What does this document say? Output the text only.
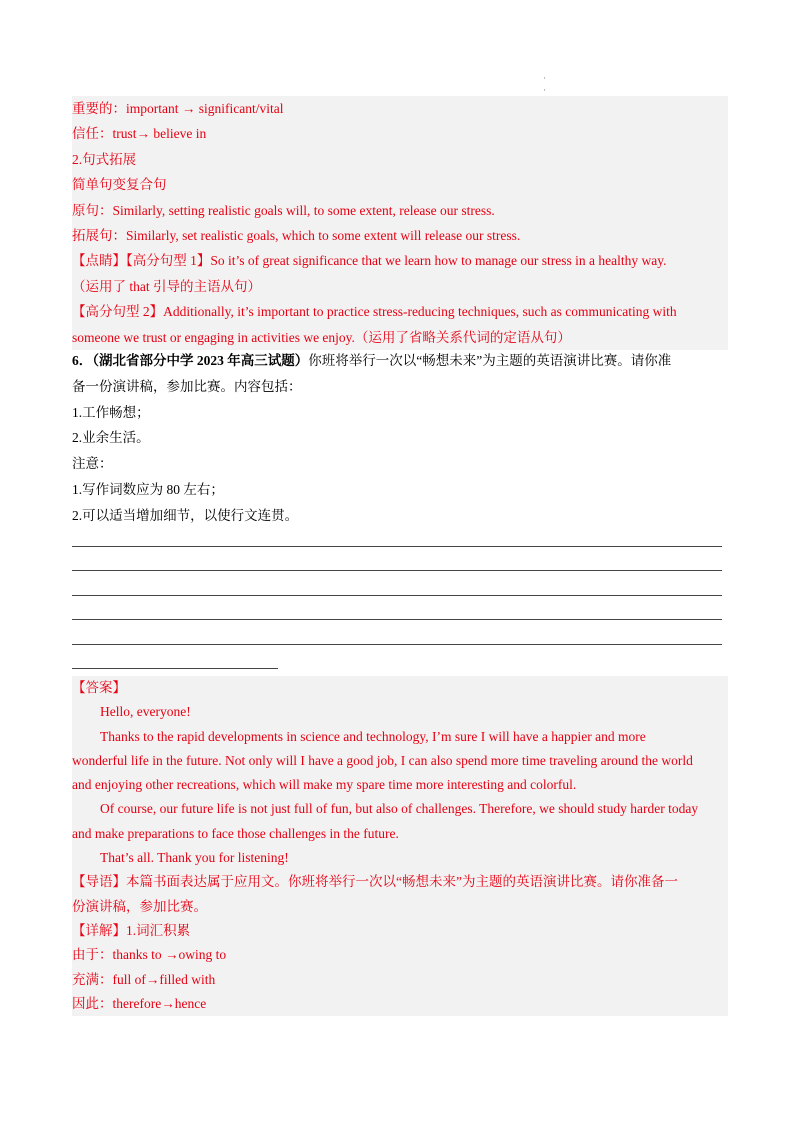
·
·
重要的：important → significant/vital
信任：trust→ believe in
2.句式拓展
简单句变复合句
原句：Similarly, setting realistic goals will, to some extent, release our stress.
拓展句：Similarly, set realistic goals, which to some extent will release our stress.
【点睛】【高分句型 1】So it’s of great significance that we learn how to manage our stress in a healthy way.
（运用了 that 引导的主语从句）
【高分句型 2】Additionally, it’s important to practice stress-reducing techniques, such as communicating with
someone we trust or engaging in activities we enjoy.（运用了省略关系代词的定语从句）
6．（湖北省部分中学 2023 年高三试题）你班将举行一次以“畅想未来”为主题的英语演讲比赛。请你准
备一份演讲稿，参加比赛。内容包括：
1.工作畅想；
2.业余生活。
注意：
1.写作词数应为 80 左右；
2.可以适当增加细节，以使行文连贯。
【答案】
Hello, everyone!
Thanks to the rapid developments in science and technology, I’m sure I will have a happier and more
wonderful life in the future. Not only will I have a good job, I can also spend more time traveling around the world
and enjoying other recreations, which will make my spare time more interesting and colorful.
Of course, our future life is not just full of fun, but also of challenges. Therefore, we should study harder today
and make preparations to face those challenges in the future.
That’s all. Thank you for listening!
【导语】本篇书面表达属于应用文。你班将举行一次以“畅想未来”为主题的英语演讲比赛。请你准备一
份演讲稿，参加比赛。
【详解】1.词汇积累
由于：thanks to →owing to
充满：full of→filled with
因此：therefore→hence
